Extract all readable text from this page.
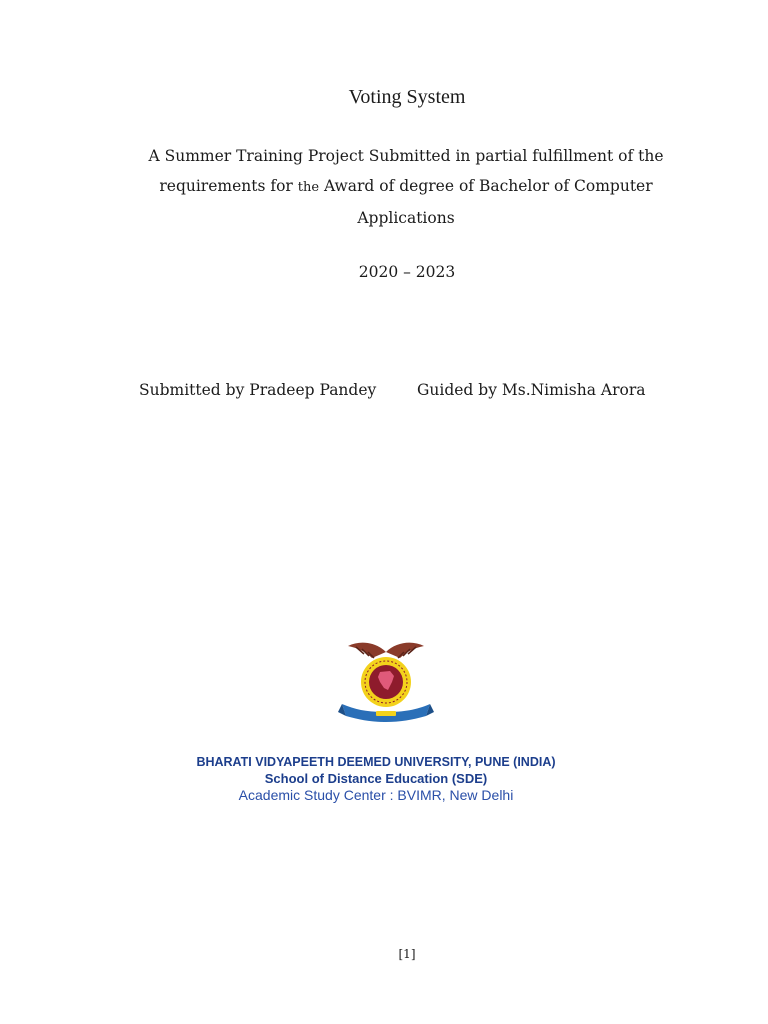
Voting System
A Summer Training Project Submitted in partial fulfillment of the requirements for the Award of degree of Bachelor of Computer Applications
2020 – 2023
Submitted by Pradeep Pandey	Guided by Ms.Nimisha Arora
BHARATI VIDYAPEETH DEEMED UNIVERSITY, PUNE (INDIA)
School of Distance Education (SDE)
Academic Study Center : BVIMR, New Delhi
[1]
